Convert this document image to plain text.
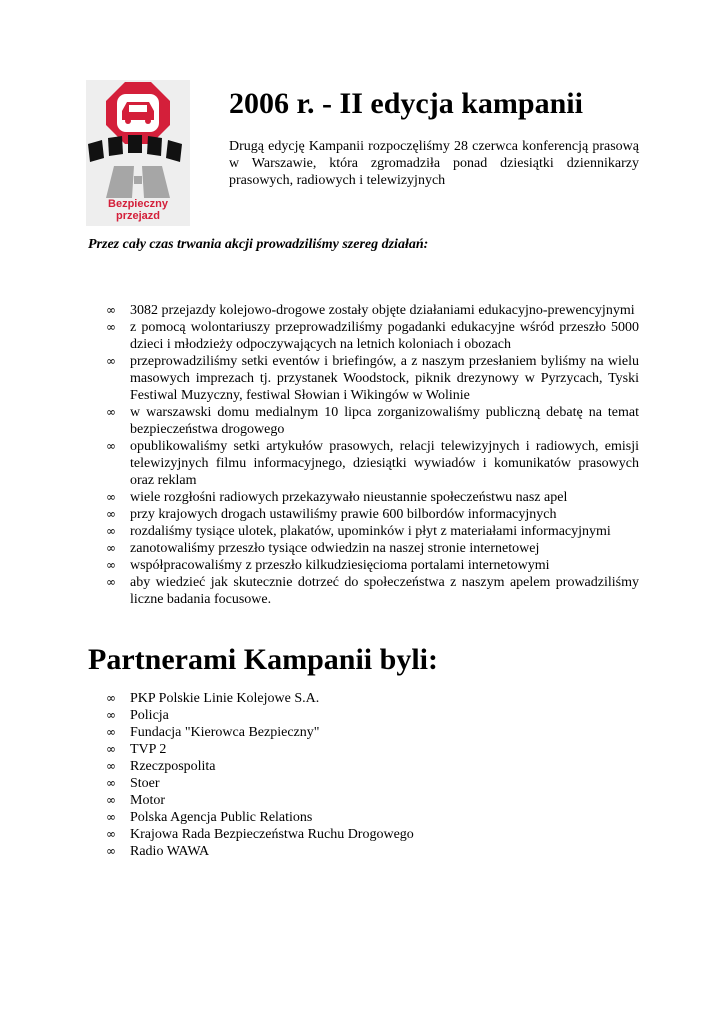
Bezpieczny
przejazd
2006 r. - II edycja kampanii

Drugą edycję Kampanii rozpoczęliśmy 28 czerwca konferencją prasową w Warszawie, która zgromadziła ponad dziesiątki dziennikarzy prasowych, radiowych i telewizyjnych

Przez cały czas trwania akcji prowadziliśmy szereg działań:

∞ 3082 przejazdy kolejowo-drogowe zostały objęte działaniami edukacyjno-prewencyjnymi
∞ z pomocą wolontariuszy przeprowadziliśmy pogadanki edukacyjne wśród przeszło 5000 dzieci i młodzieży odpoczywających na letnich koloniach i obozach
∞ przeprowadziliśmy setki eventów i briefingów, a z naszym przesłaniem byliśmy na wielu masowych imprezach tj. przystanek Woodstock, piknik drezynowy w Pyrzycach, Tyski Festiwal Muzyczny, festiwal Słowian i Wikingów w Wolinie
∞ w warszawski domu medialnym 10 lipca zorganizowaliśmy publiczną debatę na temat bezpieczeństwa drogowego
∞ opublikowaliśmy setki artykułów prasowych, relacji telewizyjnych i radiowych, emisji telewizyjnych filmu informacyjnego, dziesiątki wywiadów i komunikatów prasowych oraz reklam
∞ wiele rozgłośni radiowych przekazywało nieustannie społeczeństwu nasz apel
∞ przy krajowych drogach ustawiliśmy prawie 600 bilbordów informacyjnych
∞ rozdaliśmy tysiące ulotek, plakatów, upominków i płyt z materiałami informacyjnymi
∞ zanotowaliśmy przeszło tysiące odwiedzin na naszej stronie internetowej
∞ współpracowaliśmy z przeszło kilkudziesięcioma portalami internetowymi
∞ aby wiedzieć jak skutecznie dotrzeć do społeczeństwa z naszym apelem prowadziliśmy liczne badania focusowe.
Partnerami Kampanii byli:
∞ PKP Polskie Linie Kolejowe S.A.
∞ Policja
∞ Fundacja "Kierowca Bezpieczny"
∞ TVP 2
∞ Rzeczpospolita
∞ Stoer
∞ Motor
∞ Polska Agencja Public Relations
∞ Krajowa Rada Bezpieczeństwa Ruchu Drogowego
∞ Radio WAWA
